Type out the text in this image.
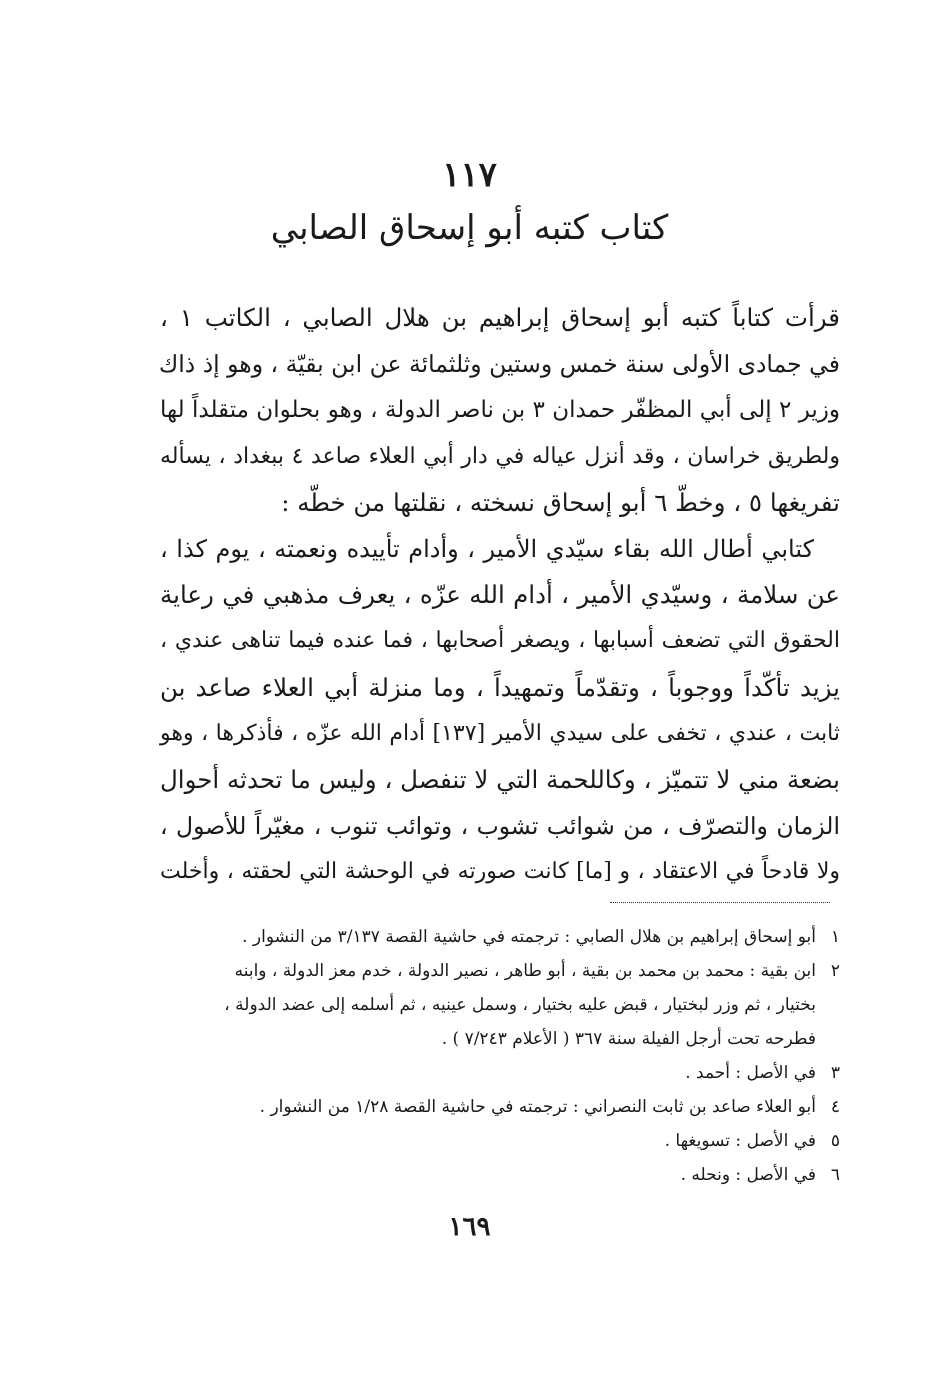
١١٧
كتاب كتبه أبو إسحاق الصابي
قرأت كتاباً كتبه أبو إسحاق إبراهيم بن هلال الصابي ، الكاتب ١ ،
في جمادى الأولى سنة خمس وستين وثلثمائة عن ابن بقيّة ، وهو إذ ذاك
وزير ٢ إلى أبي المظفّر حمدان ٣ بن ناصر الدولة ، وهو بحلوان متقلداً لها
ولطريق خراسان ، وقد أنزل عياله في دار أبي العلاء صاعد ٤ ببغداد ، يسأله
تفريغها ٥ ، وخطّ ٦ أبو إسحاق نسخته ، نقلتها من خطّه :
كتابي أطال الله بقاء سيّدي الأمير ، وأدام تأييده ونعمته ، يوم كذا ،
عن سلامة ، وسيّدي الأمير ، أدام الله عزّه ، يعرف مذهبي في رعاية
الحقوق التي تضعف أسبابها ، ويصغر أصحابها ، فما عنده فيما تناهى عندي ،
يزيد تأكّداً ووجوباً ، وتقدّماً وتمهيداً ، وما منزلة أبي العلاء صاعد بن
ثابت ، عندي ، تخفى على سيدي الأمير [١٣٧] أدام الله عزّه ، فأذكرها ، وهو
بضعة مني لا تتميّز ، وكاللحمة التي لا تنفصل ، وليس ما تحدثه أحوال
الزمان والتصرّف ، من شوائب تشوب ، وتوائب تنوب ، مغيّراً للأصول ،
ولا قادحاً في الاعتقاد ، و [ما] كانت صورته في الوحشة التي لحقته ، وأخلت
١
أبو إسحاق إبراهيم بن هلال الصابي : ترجمته في حاشية القصة ٣/١٣٧ من النشوار .
٢
ابن بقية : محمد بن محمد بن بقية ، أبو طاهر ، نصير الدولة ، خدم معز الدولة ، وابنه
بختيار ، ثم وزر لبختيار ، قبض عليه بختيار ، وسمل عينيه ، ثم أسلمه إلى عضد الدولة ،
فطرحه تحت أرجل الفيلة سنة ٣٦٧ ( الأعلام ٧/٢٤٣ ) .
٣
في الأصل : أحمد .
٤
أبو العلاء صاعد بن ثابت النصراني : ترجمته في حاشية القصة ١/٢٨ من النشوار .
٥
في الأصل : تسويغها .
٦
في الأصل : ونحله .
١٦٩
